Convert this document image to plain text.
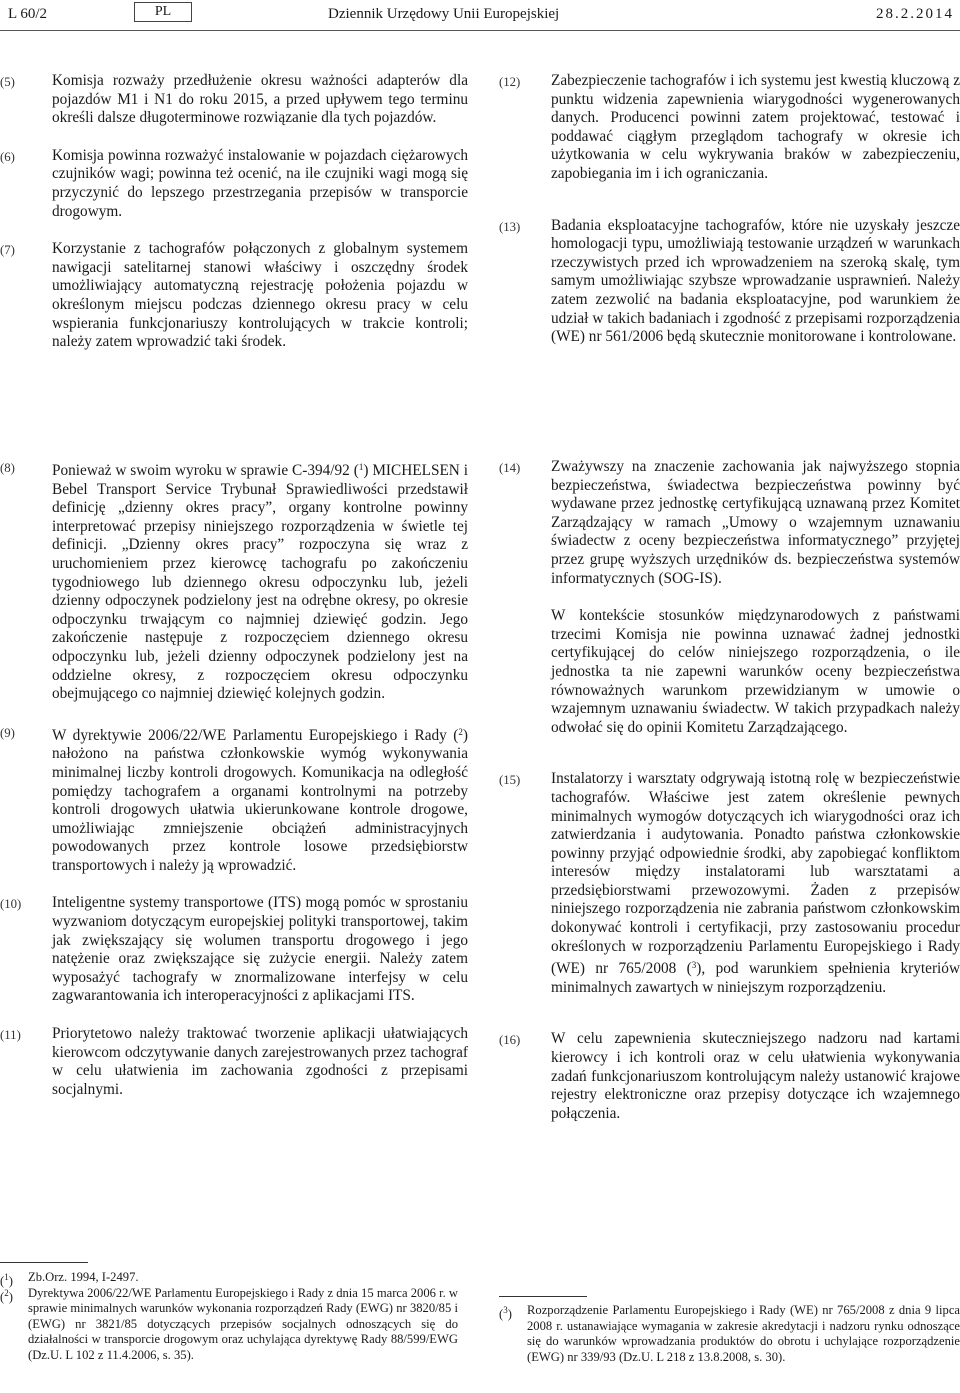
L 60/2	PL	Dziennik Urzędowy Unii Europejskiej	28.2.2014
(5) Komisja rozważy przedłużenie okresu ważności adapterów dla pojazdów M1 i N1 do roku 2015, a przed upływem tego terminu określi dalsze długoterminowe rozwiązanie dla tych pojazdów.
(6) Komisja powinna rozważyć instalowanie w pojazdach ciężarowych czujników wagi; powinna też ocenić, na ile czujniki wagi mogą się przyczynić do lepszego przestrzegania przepisów w transporcie drogowym.
(7) Korzystanie z tachografów połączonych z globalnym systemem nawigacji satelitarnej stanowi właściwy i oszczędny środek umożliwiający automatyczną rejestrację położenia pojazdu w określonym miejscu podczas dziennego okresu pracy w celu wspierania funkcjonariuszy kontrolujących w trakcie kontroli; należy zatem wprowadzić taki środek.
(12) Zabezpieczenie tachografów i ich systemu jest kwestią kluczową z punktu widzenia zapewnienia wiarygodności wygenerowanych danych. Producenci powinni zatem projektować, testować i poddawać ciągłym przeglądom tachografy w okresie ich użytkowania w celu wykrywania braków w zabezpieczeniu, zapobiegania im i ich ograniczania.
(13) Badania eksploatacyjne tachografów, które nie uzyskały jeszcze homologacji typu, umożliwiają testowanie urządzeń w warunkach rzeczywistych przed ich wprowadzeniem na szeroką skalę, tym samym umożliwiając szybsze wprowadzanie usprawnień. Należy zatem zezwolić na badania eksploatacyjne, pod warunkiem że udział w takich badaniach i zgodność z przepisami rozporządzenia (WE) nr 561/2006 będą skutecznie monitorowane i kontrolowane.
(8) Ponieważ w swoim wyroku w sprawie C-394/92 ($^1$) MICHELSEN i Bebel Transport Service Trybunał Sprawiedliwości przedstawił definicję „dzienny okres pracy”, organy kontrolne powinny interpretować przepisy niniejszego rozporządzenia w świetle tej definicji. „Dzienny okres pracy” rozpoczyna się wraz z uruchomieniem przez kierowcę tachografu po zakończeniu tygodniowego lub dziennego okresu odpoczynku lub, jeżeli dzienny odpoczynek podzielony jest na odrębne okresy, po okresie odpoczynku trwającym co najmniej dziewięć godzin. Jego zakończenie następuje z rozpoczęciem dziennego okresu odpoczynku lub, jeżeli dzienny odpoczynek podzielony jest na oddzielne okresy, z rozpoczęciem okresu odpoczynku obejmującego co najmniej dziewięć kolejnych godzin.
(9) W dyrektywie 2006/22/WE Parlamentu Europejskiego i Rady ($^2$) nałożono na państwa członkowskie wymóg wykonywania minimalnej liczby kontroli drogowych. Komunikacja na odległość pomiędzy tachografem a organami kontrolnymi na potrzeby kontroli drogowych ułatwia ukierunkowane kontrole drogowe, umożliwiając zmniejszenie obciążeń administracyjnych powodowanych przez kontrole losowe przedsiębiorstw transportowych i należy ją wprowadzić.
(10) Inteligentne systemy transportowe (ITS) mogą pomóc w sprostaniu wyzwaniom dotyczącym europejskiej polityki transportowej, takim jak zwiększający się wolumen transportu drogowego i jego natężenie oraz zwiększające się zużycie energii. Należy zatem wyposażyć tachografy w znormalizowane interfejsy w celu zagwarantowania ich interoperacyjności z aplikacjami ITS.
(11) Priorytetowo należy traktować tworzenie aplikacji ułatwiających kierowcom odczytywanie danych zarejestrowanych przez tachograf w celu ułatwienia im zachowania zgodności z przepisami socjalnymi.
(14) Zważywszy na znaczenie zachowania jak najwyższego stopnia bezpieczeństwa, świadectwa bezpieczeństwa powinny być wydawane przez jednostkę certyfikującą uznawaną przez Komitet Zarządzający w ramach „Umowy o wzajemnym uznawaniu świadectw z oceny bezpieczeństwa informatycznego” przyjętej przez grupę wyższych urzędników ds. bezpieczeństwa systemów informatycznych (SOG-IS).
W kontekście stosunków międzynarodowych z państwami trzecimi Komisja nie powinna uznawać żadnej jednostki certyfikującej do celów niniejszego rozporządzenia, o ile jednostka ta nie zapewni warunków oceny bezpieczeństwa równoważnych warunkom przewidzianym w umowie o wzajemnym uznawaniu świadectw. W takich przypadkach należy odwołać się do opinii Komitetu Zarządzającego.
(15) Instalatorzy i warsztaty odgrywają istotną rolę w bezpieczeństwie tachografów. Właściwe jest zatem określenie pewnych minimalnych wymogów dotyczących ich wiarygodności oraz ich zatwierdzania i audytowania. Ponadto państwa członkowskie powinny przyjąć odpowiednie środki, aby zapobiegać konfliktom interesów między instalatorami lub warsztatami a przedsiębiorstwami przewozowymi. Żaden z przepisów niniejszego rozporządzenia nie zabrania państwom członkowskim dokonywać kontroli i certyfikacji, przy zastosowaniu procedur określonych w rozporządzeniu Parlamentu Europejskiego i Rady (WE) nr 765/2008 ($^3$), pod warunkiem spełnienia kryteriów minimalnych zawartych w niniejszym rozporządzeniu.
(16) W celu zapewnienia skuteczniejszego nadzoru nad kartami kierowcy i ich kontroli oraz w celu ułatwienia wykonywania zadań funkcjonariuszom kontrolującym należy ustanowić krajowe rejestry elektroniczne oraz przepisy dotyczące ich wzajemnego połączenia.
($^1$) Zb.Orz. 1994, I-2497.
($^2$) Dyrektywa 2006/22/WE Parlamentu Europejskiego i Rady z dnia 15 marca 2006 r. w sprawie minimalnych warunków wykonania rozporządzeń Rady (EWG) nr 3820/85 i (EWG) nr 3821/85 dotyczących przepisów socjalnych odnoszących się do działalności w transporcie drogowym oraz uchylająca dyrektywę Rady 88/599/EWG (Dz.U. L 102 z 11.4.2006, s. 35).
($^3$) Rozporządzenie Parlamentu Europejskiego i Rady (WE) nr 765/2008 z dnia 9 lipca 2008 r. ustanawiające wymagania w zakresie akredytacji i nadzoru rynku odnoszące się do warunków wprowadzania produktów do obrotu i uchylające rozporządzenie (EWG) nr 339/93 (Dz.U. L 218 z 13.8.2008, s. 30).
